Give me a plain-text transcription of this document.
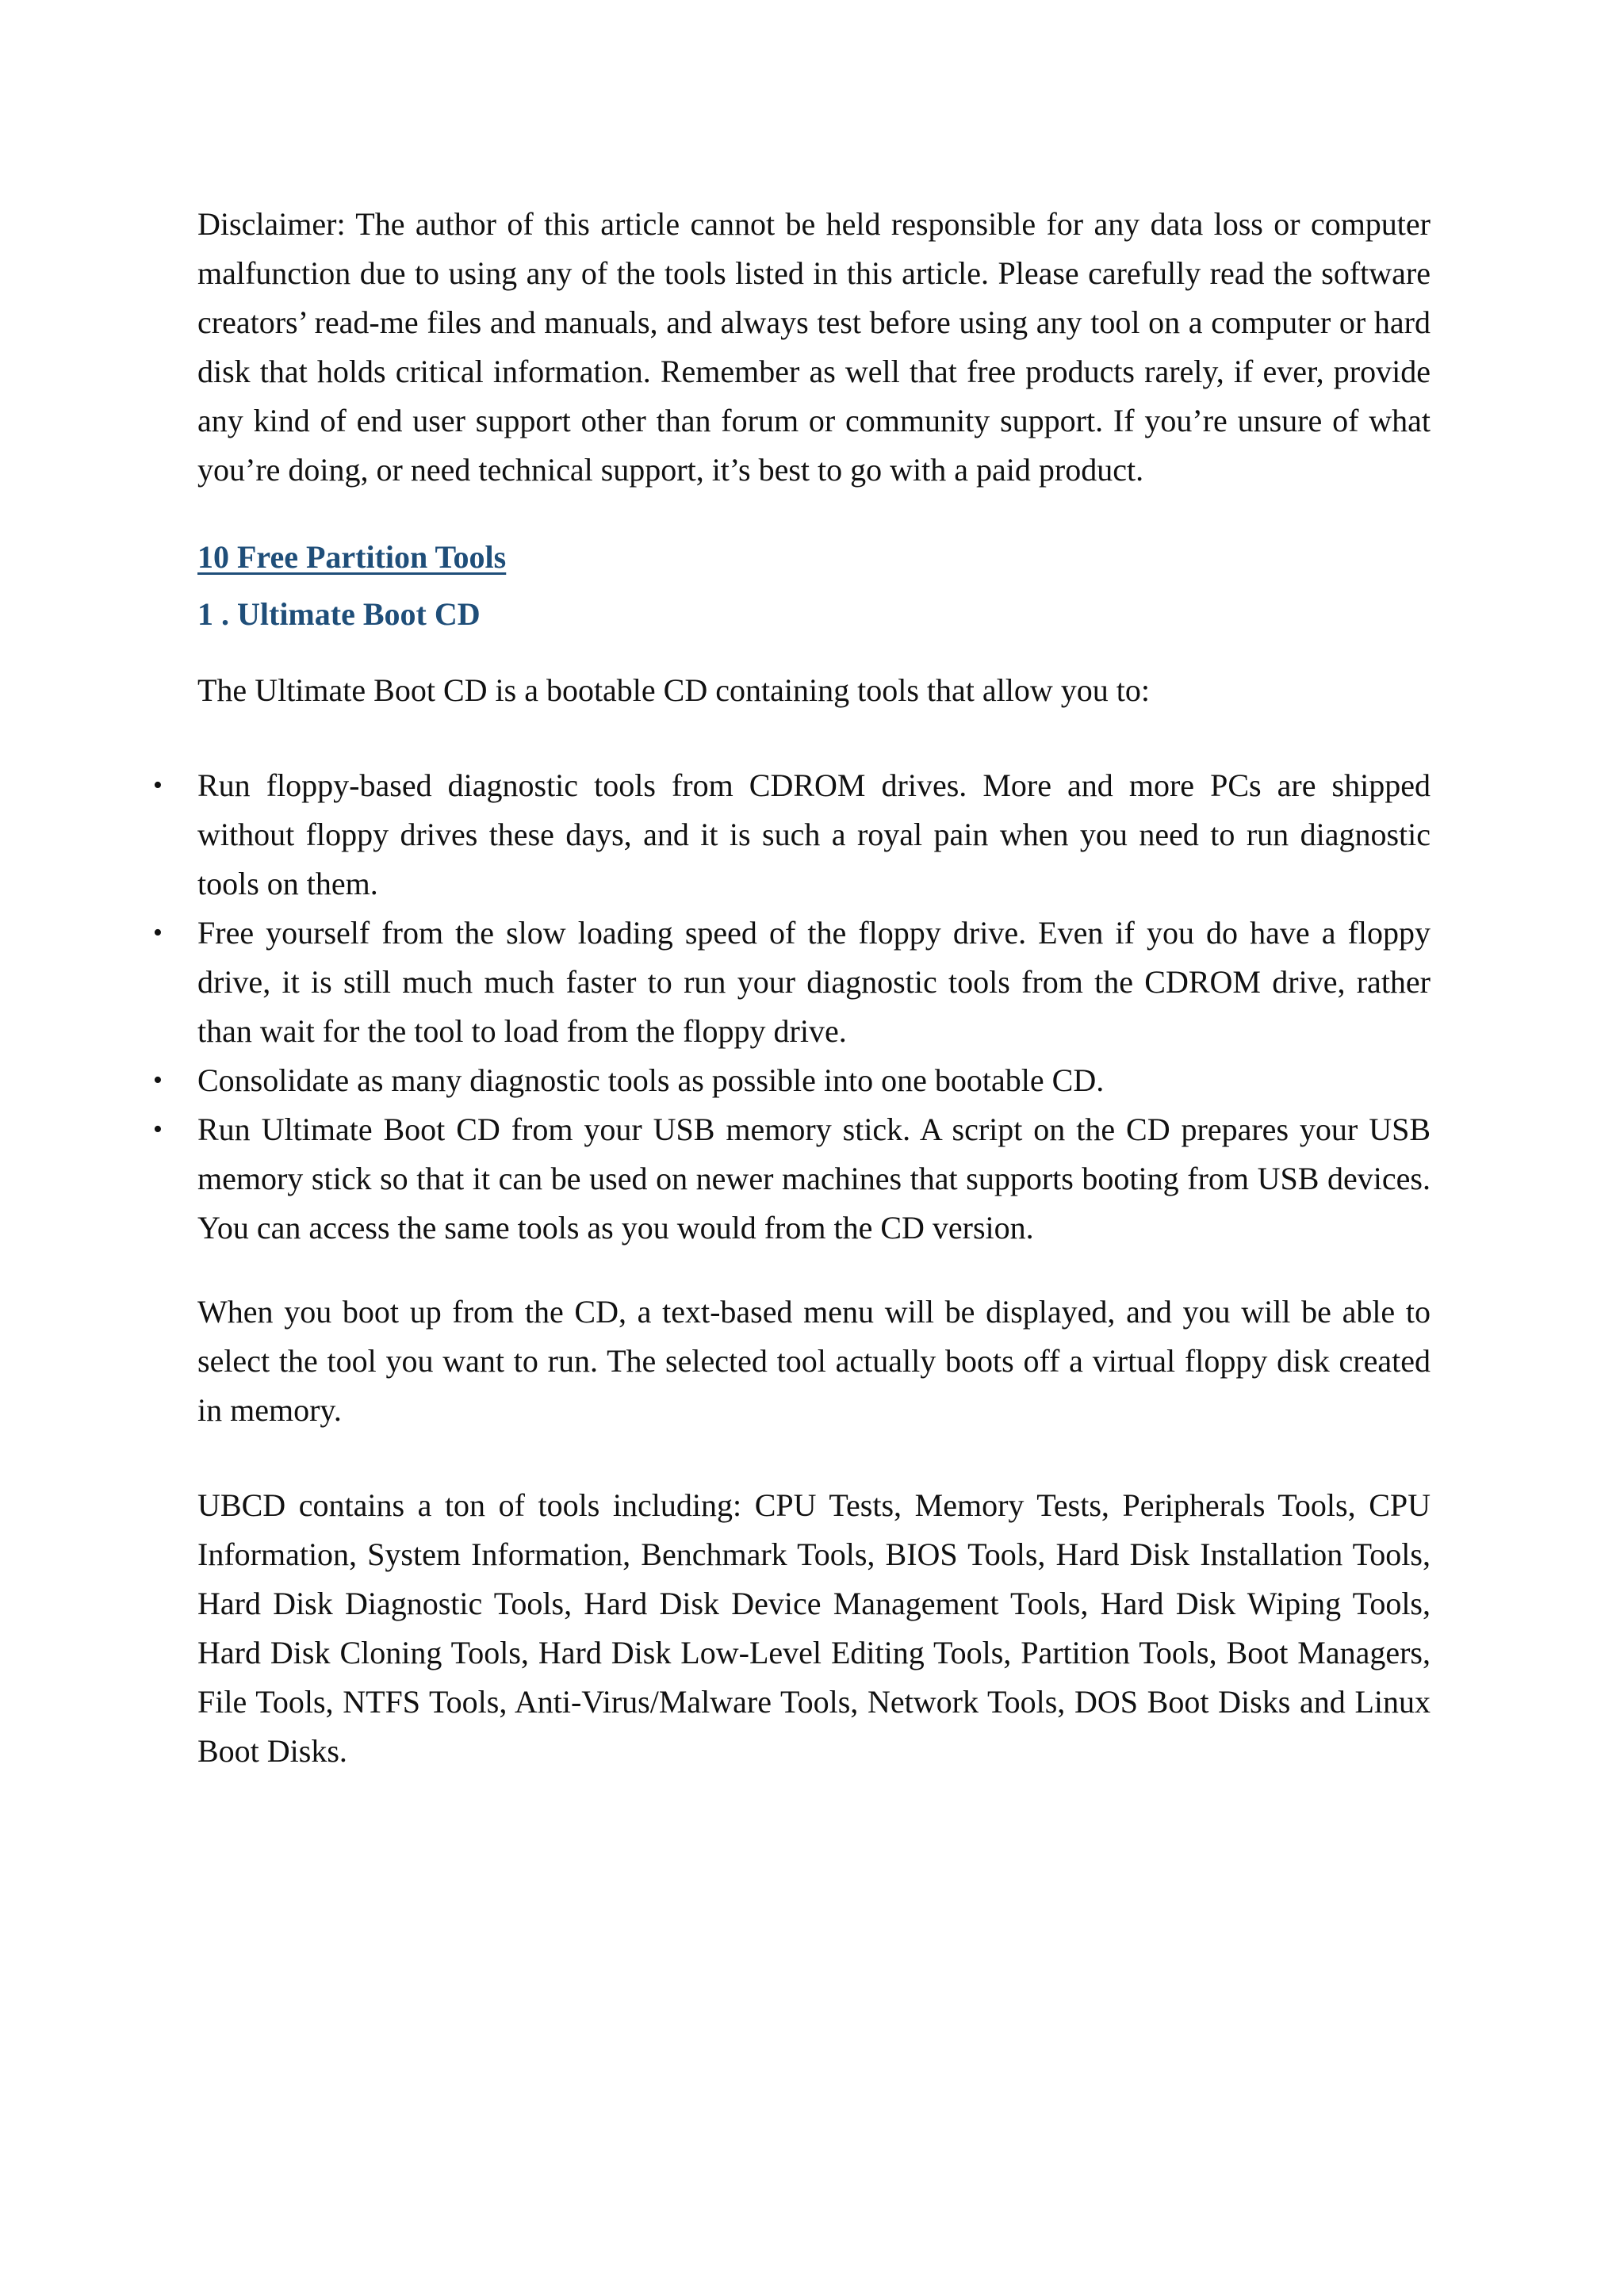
Disclaimer: The author of this article cannot be held responsible for any data loss or computer malfunction due to using any of the tools listed in this article. Please carefully read the software creators’ read-me files and manuals, and always test before using any tool on a computer or hard disk that holds critical information. Remember as well that free products rarely, if ever, provide any kind of end user support other than forum or community support. If you’re unsure of what you’re doing, or need technical support, it’s best to go with a paid product.

10 Free Partition Tools
1 . Ultimate Boot CD

The Ultimate Boot CD is a bootable CD containing tools that allow you to:

• Run floppy-based diagnostic tools from CDROM drives. More and more PCs are shipped without floppy drives these days, and it is such a royal pain when you need to run diagnostic tools on them.
• Free yourself from the slow loading speed of the floppy drive. Even if you do have a floppy drive, it is still much much faster to run your diagnostic tools from the CDROM drive, rather than wait for the tool to load from the floppy drive.
• Consolidate as many diagnostic tools as possible into one bootable CD.
• Run Ultimate Boot CD from your USB memory stick. A script on the CD prepares your USB memory stick so that it can be used on newer machines that supports booting from USB devices. You can access the same tools as you would from the CD version.

When you boot up from the CD, a text-based menu will be displayed, and you will be able to select the tool you want to run. The selected tool actually boots off a virtual floppy disk created in memory.

UBCD contains a ton of tools including: CPU Tests, Memory Tests, Peripherals Tools, CPU Information, System Information, Benchmark Tools, BIOS Tools, Hard Disk Installation Tools, Hard Disk Diagnostic Tools, Hard Disk Device Management Tools, Hard Disk Wiping Tools, Hard Disk Cloning Tools, Hard Disk Low-Level Editing Tools, Partition Tools, Boot Managers, File Tools, NTFS Tools, Anti-Virus/Malware Tools, Network Tools, DOS Boot Disks and Linux Boot Disks.
